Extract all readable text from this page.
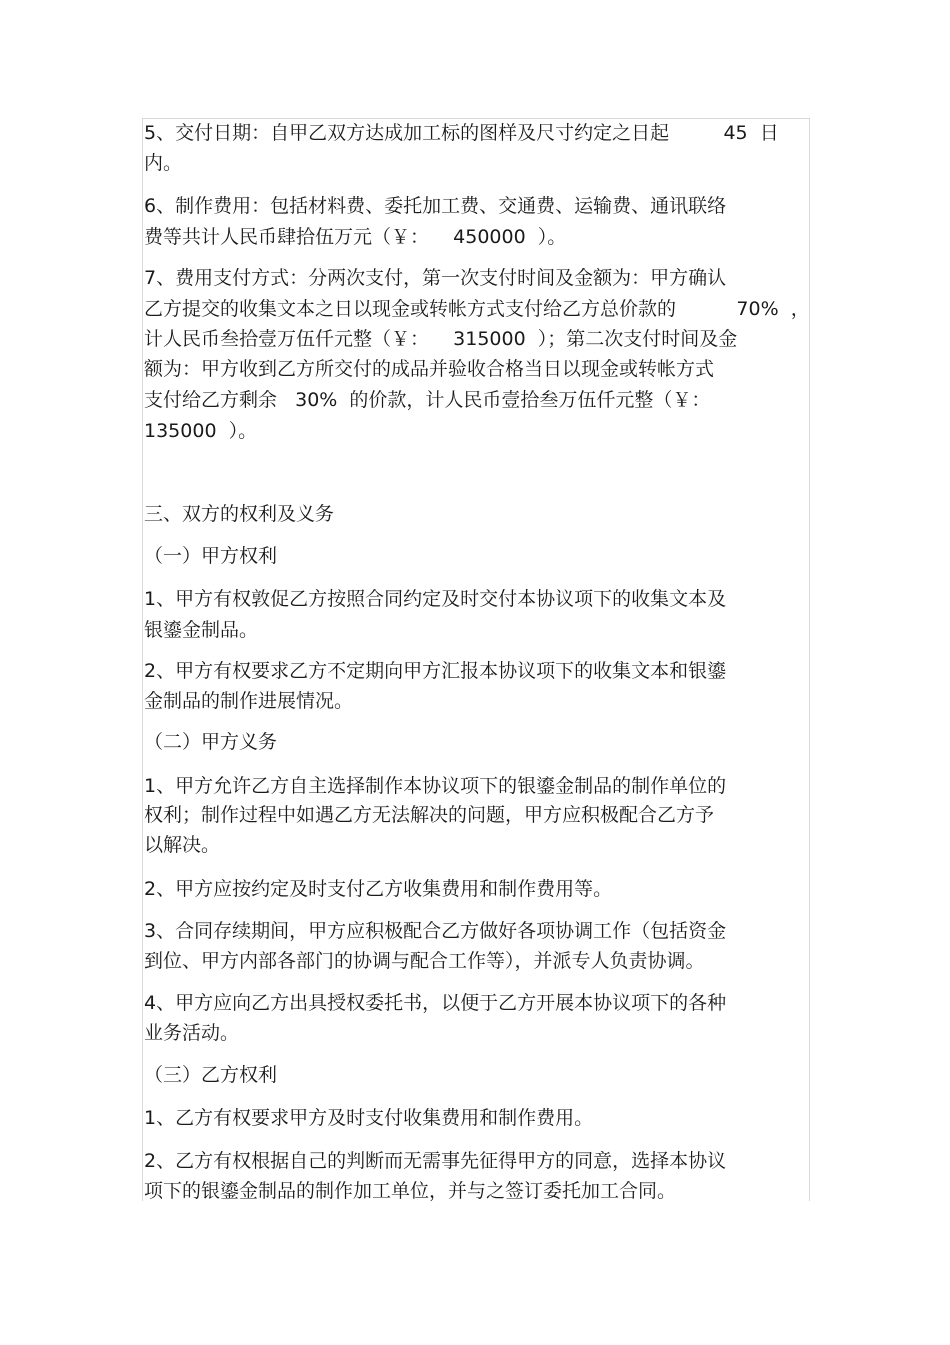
5、交付日期：自甲乙双方达成加工标的图样及尺寸约定之日起         45  日
内。
6、制作费用：包括材料费、委托加工费、交通费、运输费、通讯联络
费等共计人民币肆拾伍万元（￥：    450000  ）。
7、费用支付方式：分两次支付，第一次支付时间及金额为：甲方确认
乙方提交的收集文本之日以现金或转帐方式支付给乙方总价款的          70%  ，
计人民币叁拾壹万伍仟元整（￥：    315000  ）；第二次支付时间及金
额为：甲方收到乙方所交付的成品并验收合格当日以现金或转帐方式
支付给乙方剩余   30%  的价款，计人民币壹拾叁万伍仟元整（￥：
135000  ）。
三、双方的权利及义务
（一）甲方权利
1、甲方有权敦促乙方按照合同约定及时交付本协议项下的收集文本及
银鎏金制品。
2、甲方有权要求乙方不定期向甲方汇报本协议项下的收集文本和银鎏
金制品的制作进展情况。
（二）甲方义务
1、甲方允许乙方自主选择制作本协议项下的银鎏金制品的制作单位的
权利；制作过程中如遇乙方无法解决的问题，甲方应积极配合乙方予
以解决。
2、甲方应按约定及时支付乙方收集费用和制作费用等。
3、合同存续期间，甲方应积极配合乙方做好各项协调工作（包括资金
到位、甲方内部各部门的协调与配合工作等），并派专人负责协调。
4、甲方应向乙方出具授权委托书，以便于乙方开展本协议项下的各种
业务活动。
（三）乙方权利
1、乙方有权要求甲方及时支付收集费用和制作费用。
2、乙方有权根据自己的判断而无需事先征得甲方的同意，选择本协议
项下的银鎏金制品的制作加工单位，并与之签订委托加工合同。
